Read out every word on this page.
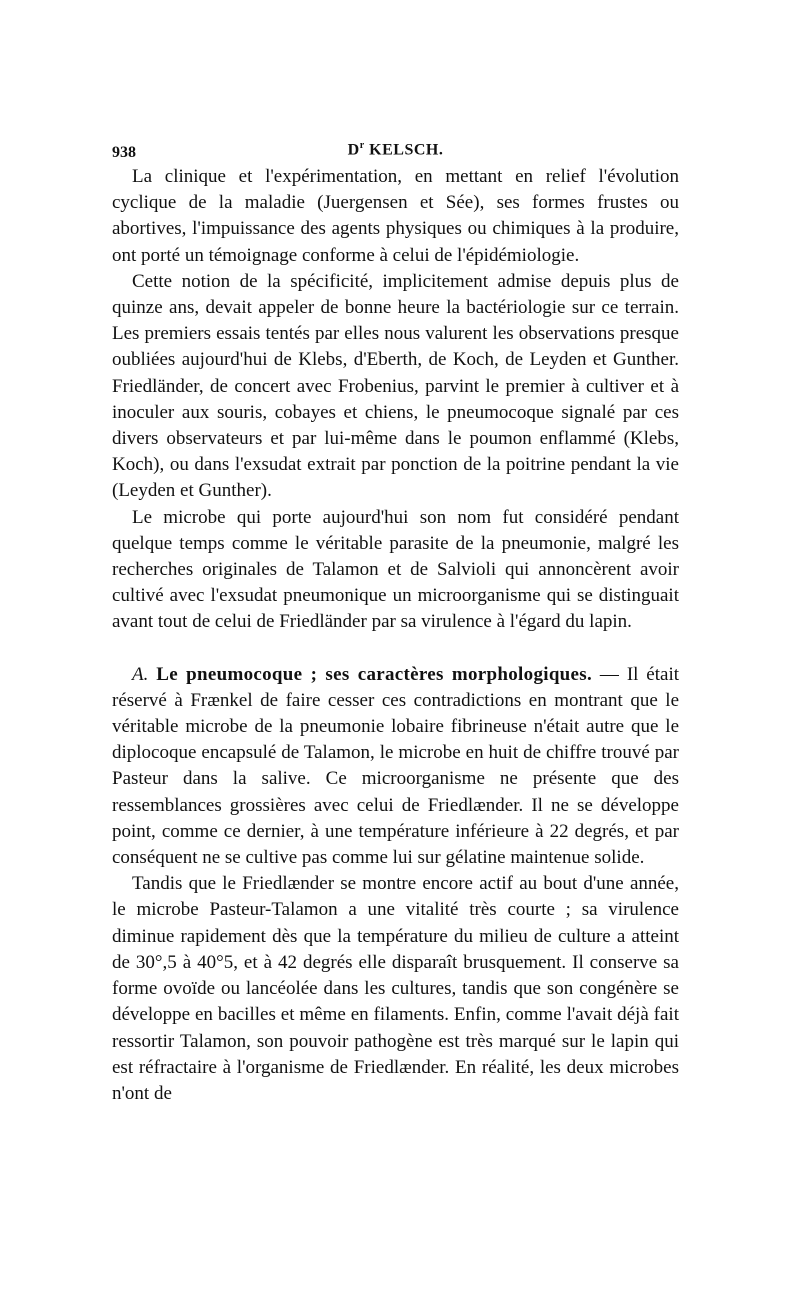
938	$D^r$ KELSCH.

La clinique et l'expérimentation, en mettant en relief l'évolution cyclique de la maladie (Juergensen et Sée), ses formes frustes ou abortives, l'impuissance des agents physiques ou chimiques à la produire, ont porté un témoignage conforme à celui de l'épidémiologie.

Cette notion de la spécificité, implicitement admise depuis plus de quinze ans, devait appeler de bonne heure la bactériologie sur ce terrain. Les premiers essais tentés par elles nous valurent les observations presque oubliées aujourd'hui de Klebs, d'Eberth, de Koch, de Leyden et Gunther. Friedländer, de concert avec Frobenius, parvint le premier à cultiver et à inoculer aux souris, cobayes et chiens, le pneumocoque signalé par ces divers observateurs et par lui-même dans le poumon enflammé (Klebs, Koch), ou dans l'exsudat extrait par ponction de la poitrine pendant la vie (Leyden et Gunther).

Le microbe qui porte aujourd'hui son nom fut considéré pendant quelque temps comme le véritable parasite de la pneumonie, malgré les recherches originales de Talamon et de Salvioli qui annoncèrent avoir cultivé avec l'exsudat pneumonique un microorganisme qui se distinguait avant tout de celui de Friedländer par sa virulence à l'égard du lapin.

A. Le pneumocoque ; ses caractères morphologiques. — Il était réservé à Frænkel de faire cesser ces contradictions en montrant que le véritable microbe de la pneumonie lobaire fibrineuse n'était autre que le diplocoque encapsulé de Talamon, le microbe en huit de chiffre trouvé par Pasteur dans la salive. Ce microorganisme ne présente que des ressemblances grossières avec celui de Friedlænder. Il ne se développe point, comme ce dernier, à une température inférieure à 22 degrés, et par conséquent ne se cultive pas comme lui sur gélatine maintenue solide.

Tandis que le Friedlænder se montre encore actif au bout d'une année, le microbe Pasteur-Talamon a une vitalité très courte ; sa virulence diminue rapidement dès que la température du milieu de culture a atteint de 30°,5 à 40°5, et à 42 degrés elle disparaît brusquement. Il conserve sa forme ovoïde ou lancéolée dans les cultures, tandis que son congénère se développe en bacilles et même en filaments. Enfin, comme l'avait déjà fait ressortir Talamon, son pouvoir pathogène est très marqué sur le lapin qui est réfractaire à l'organisme de Friedlænder. En réalité, les deux microbes n'ont de
